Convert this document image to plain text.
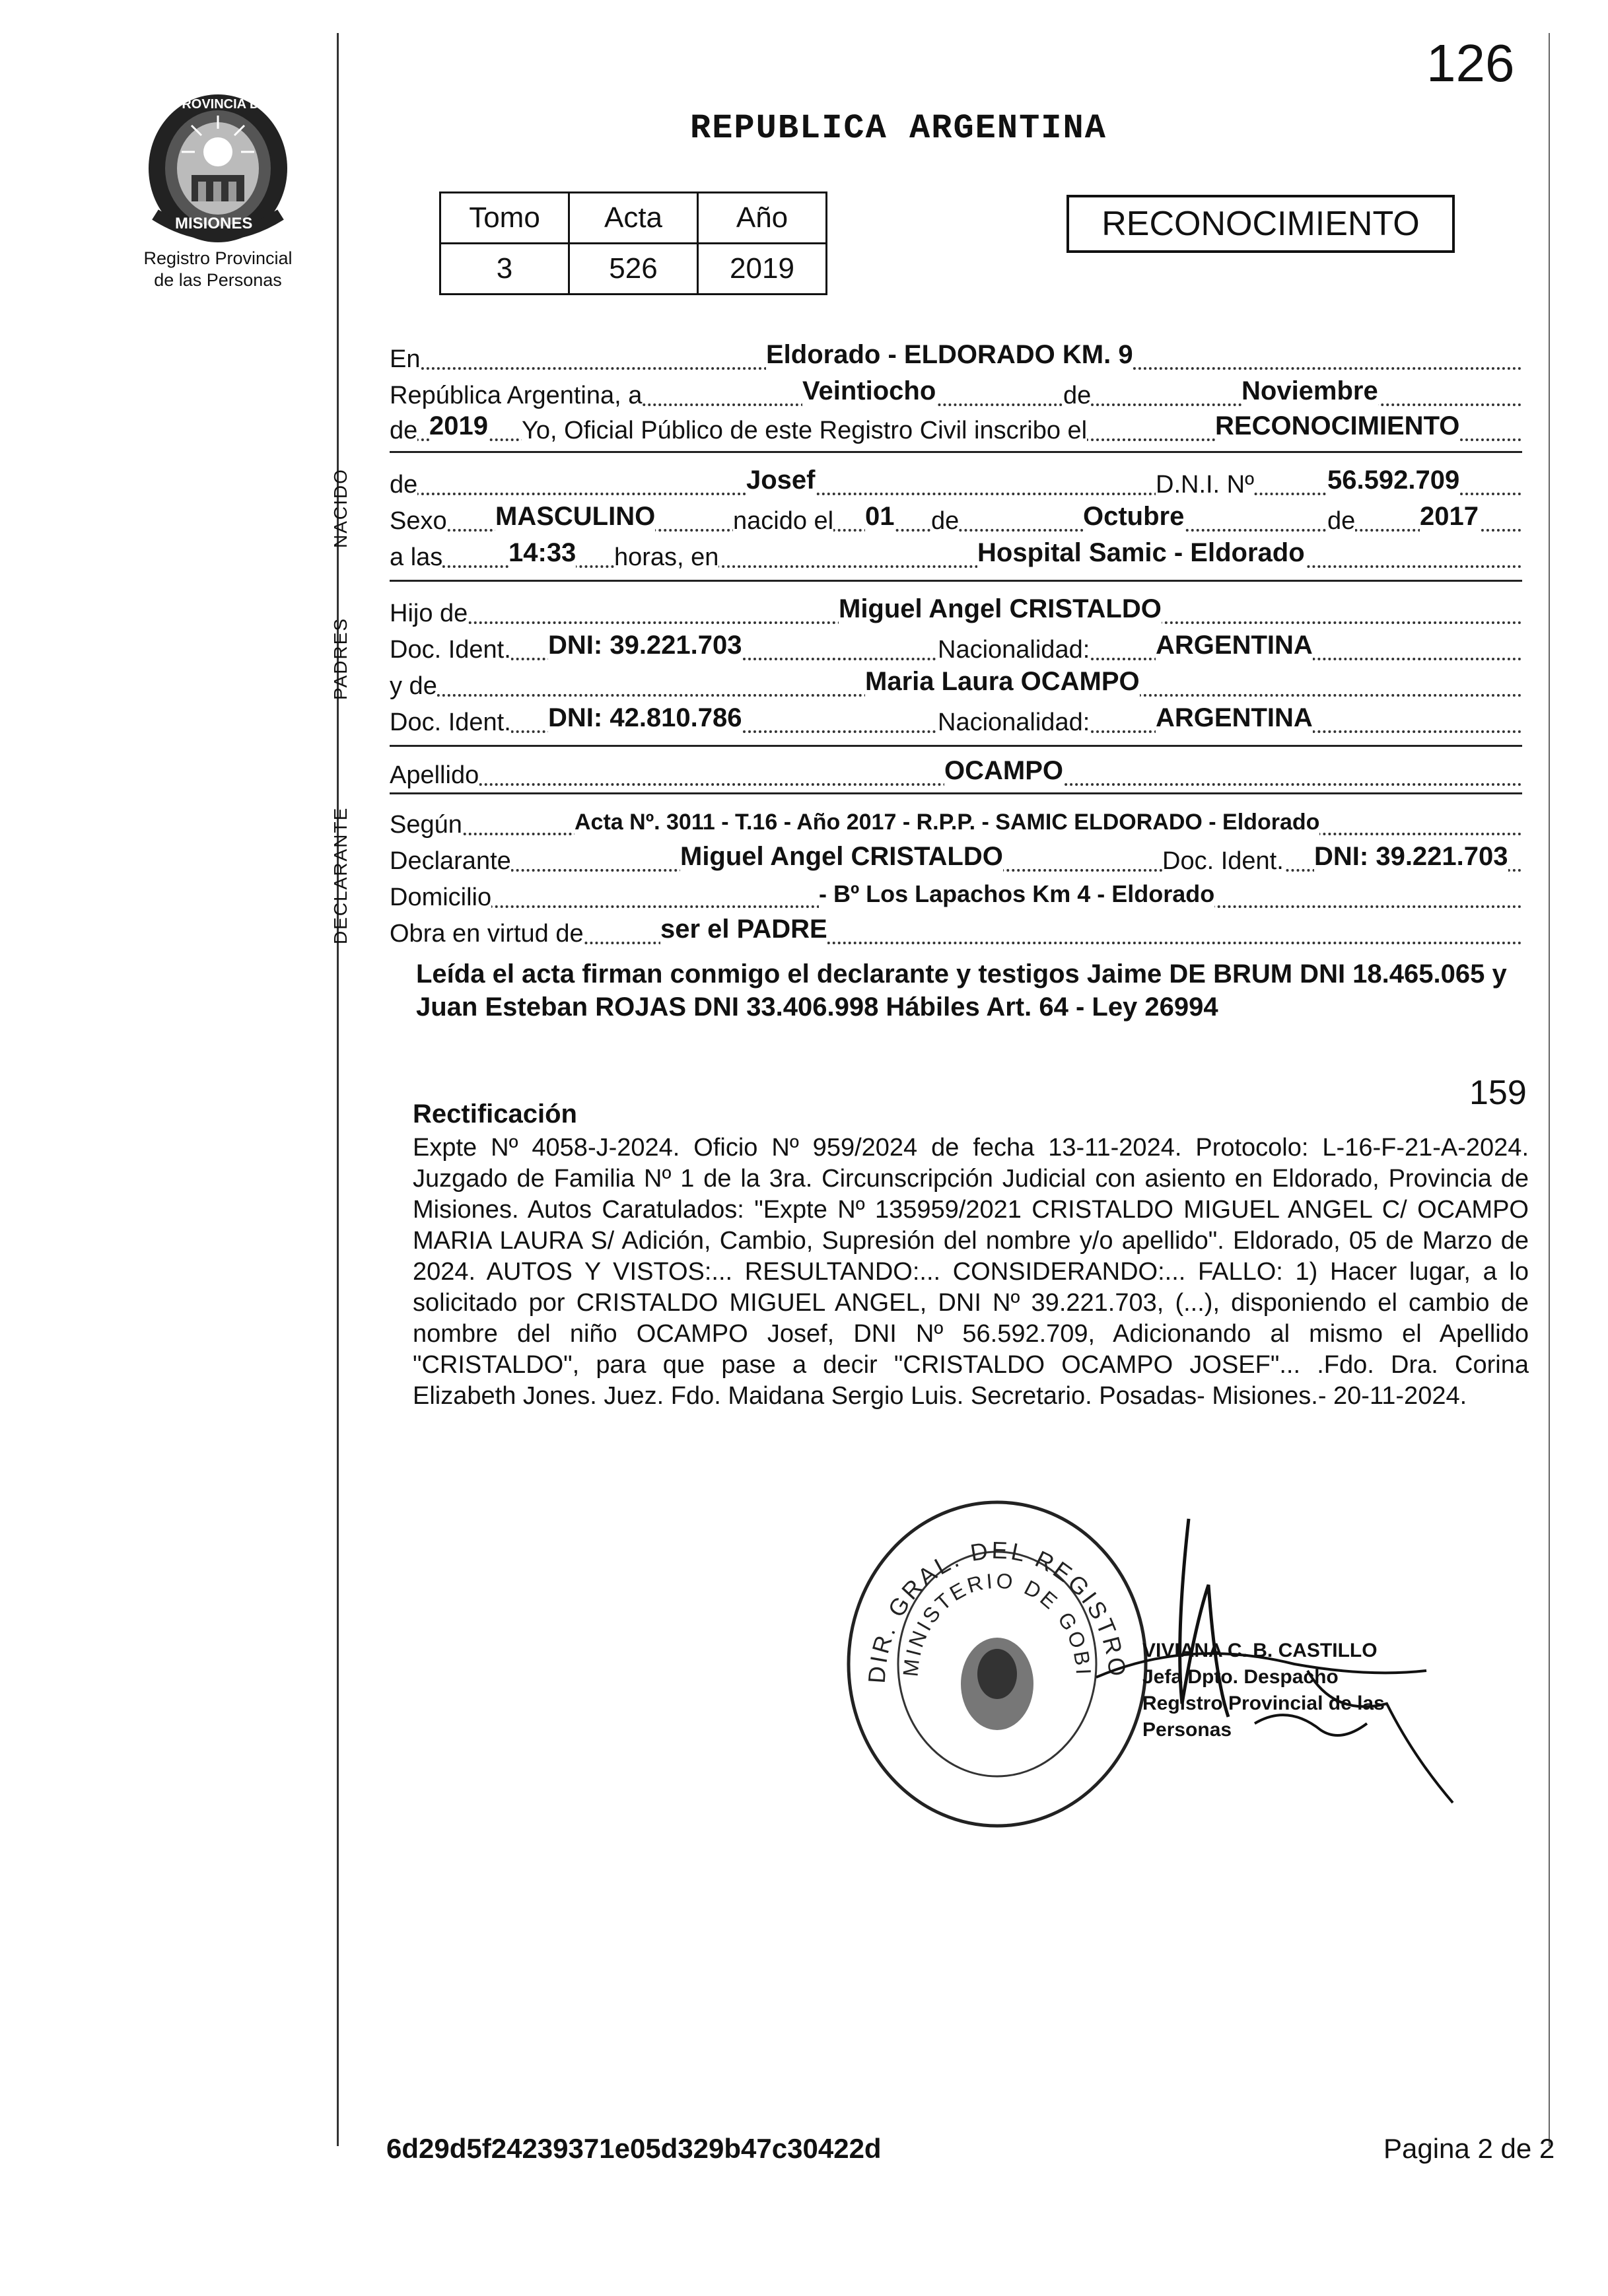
PROVINCIA DE
MISIONES
Registro Provincial
de las Personas
126
REPUBLICA ARGENTINA
Tomo	Acta	Año
3	526	2019
RECONOCIMIENTO
NACIDO
PADRES
DECLARANTE
En	Eldorado - ELDORADO KM. 9
República Argentina, a	Veintiocho	de	Noviembre
de 2019 Yo, Oficial Público de este Registro Civil inscribo el	RECONOCIMIENTO
de	Josef	D.N.I. Nº	56.592.709
Sexo MASCULINO	nacido el 01 de	Octubre	de 2017
a las 14:33 horas, en	Hospital Samic - Eldorado
Hijo de	Miguel Angel CRISTALDO
Doc. Ident. DNI: 39.221.703	Nacionalidad: ARGENTINA
y de	Maria Laura OCAMPO
Doc. Ident. DNI: 42.810.786	Nacionalidad: ARGENTINA
Apellido	OCAMPO
Según	Acta Nº. 3011 - T.16 - Año 2017 - R.P.P. - SAMIC ELDORADO - Eldorado
Declarante	Miguel Angel CRISTALDO	Doc. Ident. DNI: 39.221.703
Domicilio	- Bº Los Lapachos Km 4 - Eldorado
Obra en virtud de	ser el PADRE
Leída el acta firman conmigo el declarante y testigos Jaime DE BRUM DNI 18.465.065 y Juan Esteban ROJAS DNI 33.406.998 Hábiles Art. 64 - Ley 26994
159
Rectificación
Expte Nº 4058-J-2024. Oficio Nº 959/2024 de fecha 13-11-2024. Protocolo: L-16-F-21-A-2024. Juzgado de Familia Nº 1 de la 3ra. Circunscripción Judicial con asiento en Eldorado, Provincia de Misiones. Autos Caratulados: "Expte Nº 135959/2021 CRISTALDO MIGUEL ANGEL C/ OCAMPO MARIA LAURA S/ Adición, Cambio, Supresión del nombre y/o apellido". Eldorado, 05 de Marzo de 2024. AUTOS Y VISTOS:... RESULTANDO:... CONSIDERANDO:... FALLO: 1) Hacer lugar, a lo solicitado por CRISTALDO MIGUEL ANGEL, DNI Nº 39.221.703, (...), disponiendo el cambio de nombre del niño OCAMPO Josef, DNI Nº 56.592.709, Adicionando al mismo el Apellido "CRISTALDO", para que pase a decir "CRISTALDO OCAMPO JOSEF"... .Fdo. Dra. Corina Elizabeth Jones. Juez. Fdo. Maidana Sergio Luis. Secretario. Posadas- Misiones.- 20-11-2024.
DIR. GRAL. DEL REGISTRO
MINISTERIO DE GOBI
VIVIANA C. B. CASTILLO
Jefa Dpto. Despacho
Registro Provincial de las Personas
6d29d5f24239371e05d329b47c30422d	Pagina 2 de 2
